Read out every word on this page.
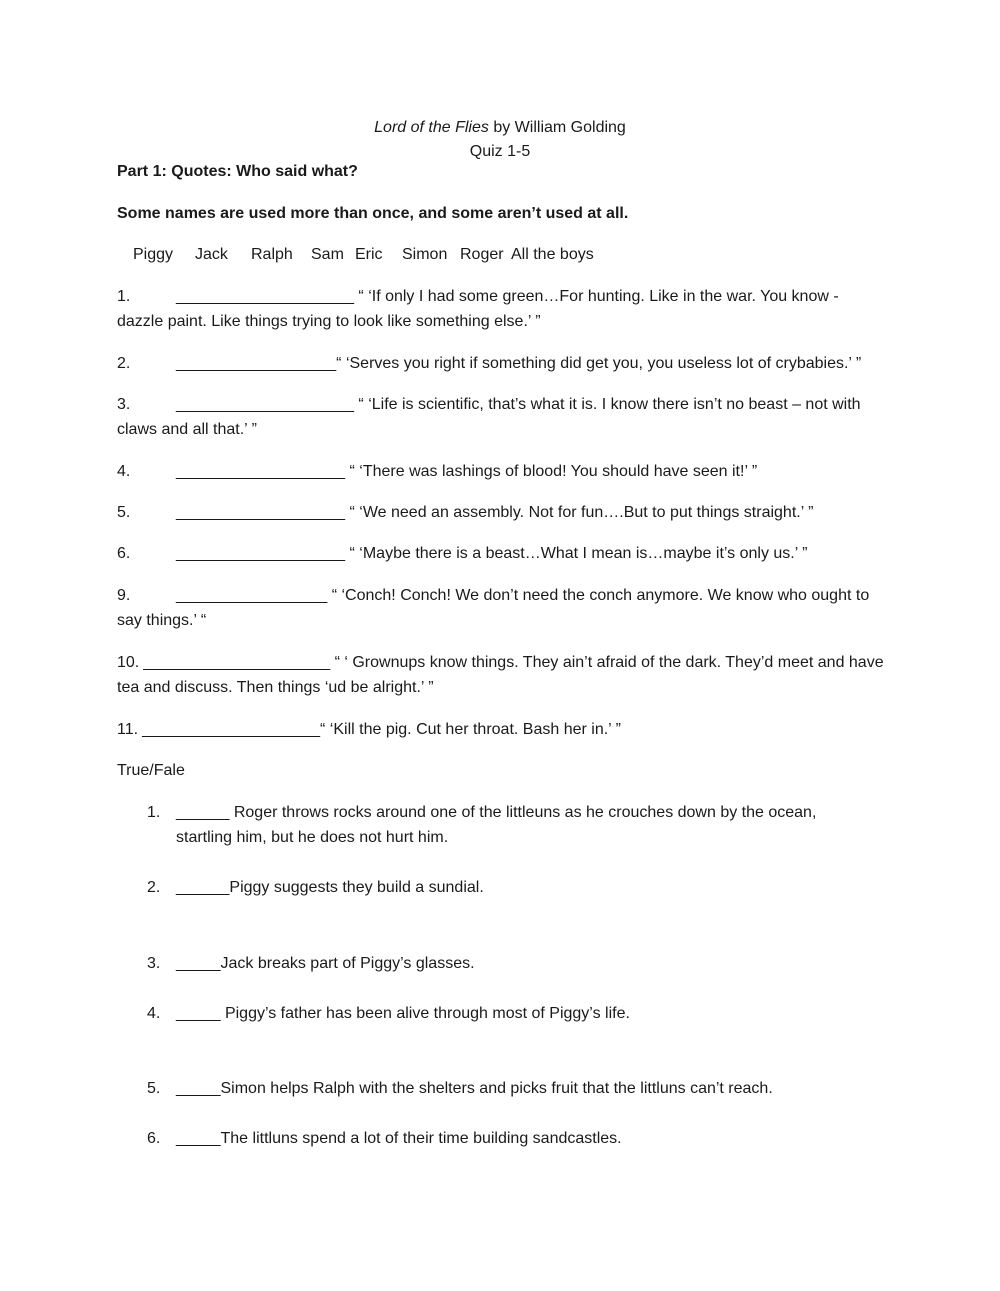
Lord of the Flies by William Golding
Quiz 1-5
Part 1: Quotes: Who said what?
Some names are used more than once, and some aren’t used at all.
Piggy Jack Ralph Sam Eric Simon Roger All the boys
1.	____________________ “ ‘If only I had some green…For hunting. Like in the war. You know - dazzle paint. Like things trying to look like something else.’ ”
2.	__________________“ ‘Serves you right if something did get you, you useless lot of crybabies.’ ”
3.	____________________ “ ‘Life is scientific, that’s what it is. I know there isn’t no beast – not with claws and all that.’ ”
4.	___________________ “ ‘There was lashings of blood! You should have seen it!’ ”
5.	___________________ “ ‘We need an assembly. Not for fun….But to put things straight.’ ”
6.	___________________ “ ‘Maybe there is a beast…What I mean is…maybe it’s only us.’ ”
9.	_________________ “ ‘Conch! Conch! We don’t need the conch anymore. We know who ought to say things.’ “
10. _____________________ “ ‘ Grownups know things. They ain’t afraid of the dark. They’d meet and have tea and discuss. Then things ‘ud be alright.’ ”
11. ____________________“ ‘Kill the pig. Cut her throat. Bash her in.’ ”
True/Fale
1. ______ Roger throws rocks around one of the littleuns as he crouches down by the ocean, startling him, but he does not hurt him.
2. ______Piggy suggests they build a sundial.
3. _____Jack breaks part of Piggy’s glasses.
4. _____ Piggy’s father has been alive through most of Piggy’s life.
5. _____Simon helps Ralph with the shelters and picks fruit that the littluns can’t reach.
6. _____The littluns spend a lot of their time building sandcastles.
